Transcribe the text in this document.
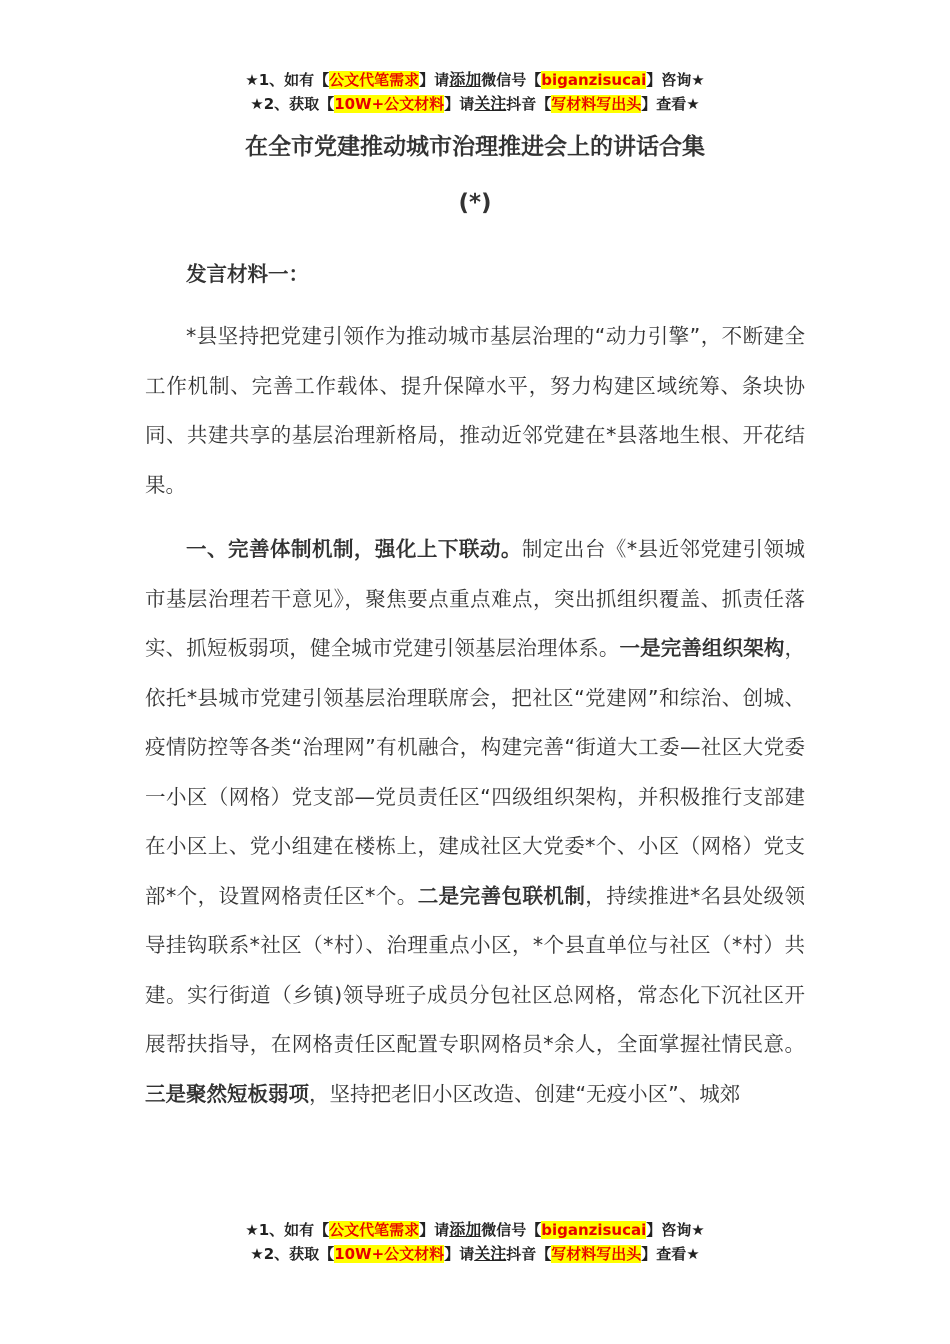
★1、如有【公文代笔需求】请添加微信号【biganzisucai】咨询★
★2、获取【10W+公文材料】请关注抖音【写材料写出头】查看★
在全市党建推动城市治理推进会上的讲话合集
(*)

发言材料一：

*县坚持把党建引领作为推动城市基层治理的“动力引擎”，不断建全工作机制、完善工作载体、提升保障水平，努力构建区域统筹、条块协同、共建共享的基层治理新格局，推动近邻党建在*县落地生根、开花结果。

一、完善体制机制，强化上下联动。制定出台《*县近邻党建引领城市基层治理若干意见》，聚焦要点重点难点，突出抓组织覆盖、抓责任落实、抓短板弱项，健全城市党建引领基层治理体系。一是完善组织架构，依托*县城市党建引领基层治理联席会，把社区“党建网”和综治、创城、疫情防控等各类“治理网”有机融合，构建完善“街道大工委—社区大党委一小区（网格）党支部—党员责任区“四级组织架构，并积极推行支部建在小区上、党小组建在楼栋上，建成社区大党委*个、小区（网格）党支部*个，设置网格责任区*个。二是完善包联机制，持续推进*名县处级领导挂钩联系*社区（*村）、治理重点小区，*个县直单位与社区（*村）共建。实行街道（乡镇)领导班子成员分包社区总网格，常态化下沉社区开展帮扶指导，在网格责任区配置专职网格员*余人，全面掌握社情民意。三是聚然短板弱项，坚持把老旧小区改造、创建“无疫小区”、城郊

★1、如有【公文代笔需求】请添加微信号【biganzisucai】咨询★
★2、获取【10W+公文材料】请关注抖音【写材料写出头】查看★
